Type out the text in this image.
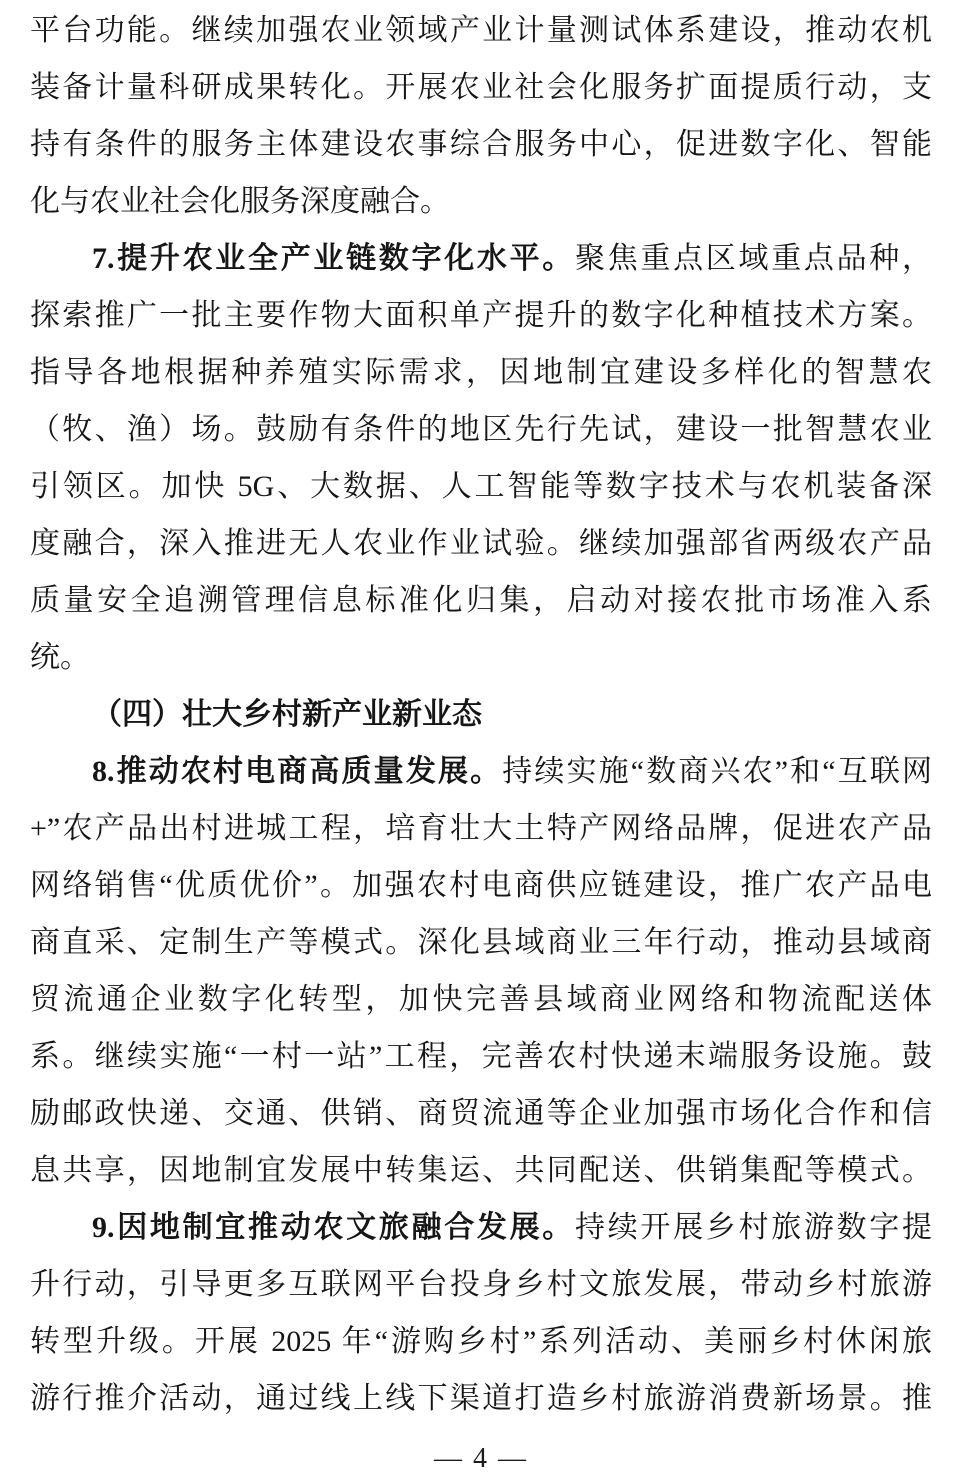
平台功能。继续加强农业领域产业计量测试体系建设，推动农机
装备计量科研成果转化。开展农业社会化服务扩面提质行动，支
持有条件的服务主体建设农事综合服务中心，促进数字化、智能
化与农业社会化服务深度融合。
7.提升农业全产业链数字化水平。聚焦重点区域重点品种，
探索推广一批主要作物大面积单产提升的数字化种植技术方案。
指导各地根据种养殖实际需求，因地制宜建设多样化的智慧农
（牧、渔）场。鼓励有条件的地区先行先试，建设一批智慧农业
引领区。加快 5G、大数据、人工智能等数字技术与农机装备深
度融合，深入推进无人农业作业试验。继续加强部省两级农产品
质量安全追溯管理信息标准化归集，启动对接农批市场准入系
统。
（四）壮大乡村新产业新业态
8.推动农村电商高质量发展。持续实施“数商兴农”和“互联网
+”农产品出村进城工程，培育壮大土特产网络品牌，促进农产品
网络销售“优质优价”。加强农村电商供应链建设，推广农产品电
商直采、定制生产等模式。深化县域商业三年行动，推动县域商
贸流通企业数字化转型，加快完善县域商业网络和物流配送体
系。继续实施“一村一站”工程，完善农村快递末端服务设施。鼓
励邮政快递、交通、供销、商贸流通等企业加强市场化合作和信
息共享，因地制宜发展中转集运、共同配送、供销集配等模式。
9.因地制宜推动农文旅融合发展。持续开展乡村旅游数字提
升行动，引导更多互联网平台投身乡村文旅发展，带动乡村旅游
转型升级。开展 2025 年“游购乡村”系列活动、美丽乡村休闲旅
游行推介活动，通过线上线下渠道打造乡村旅游消费新场景。推
— 4 —
